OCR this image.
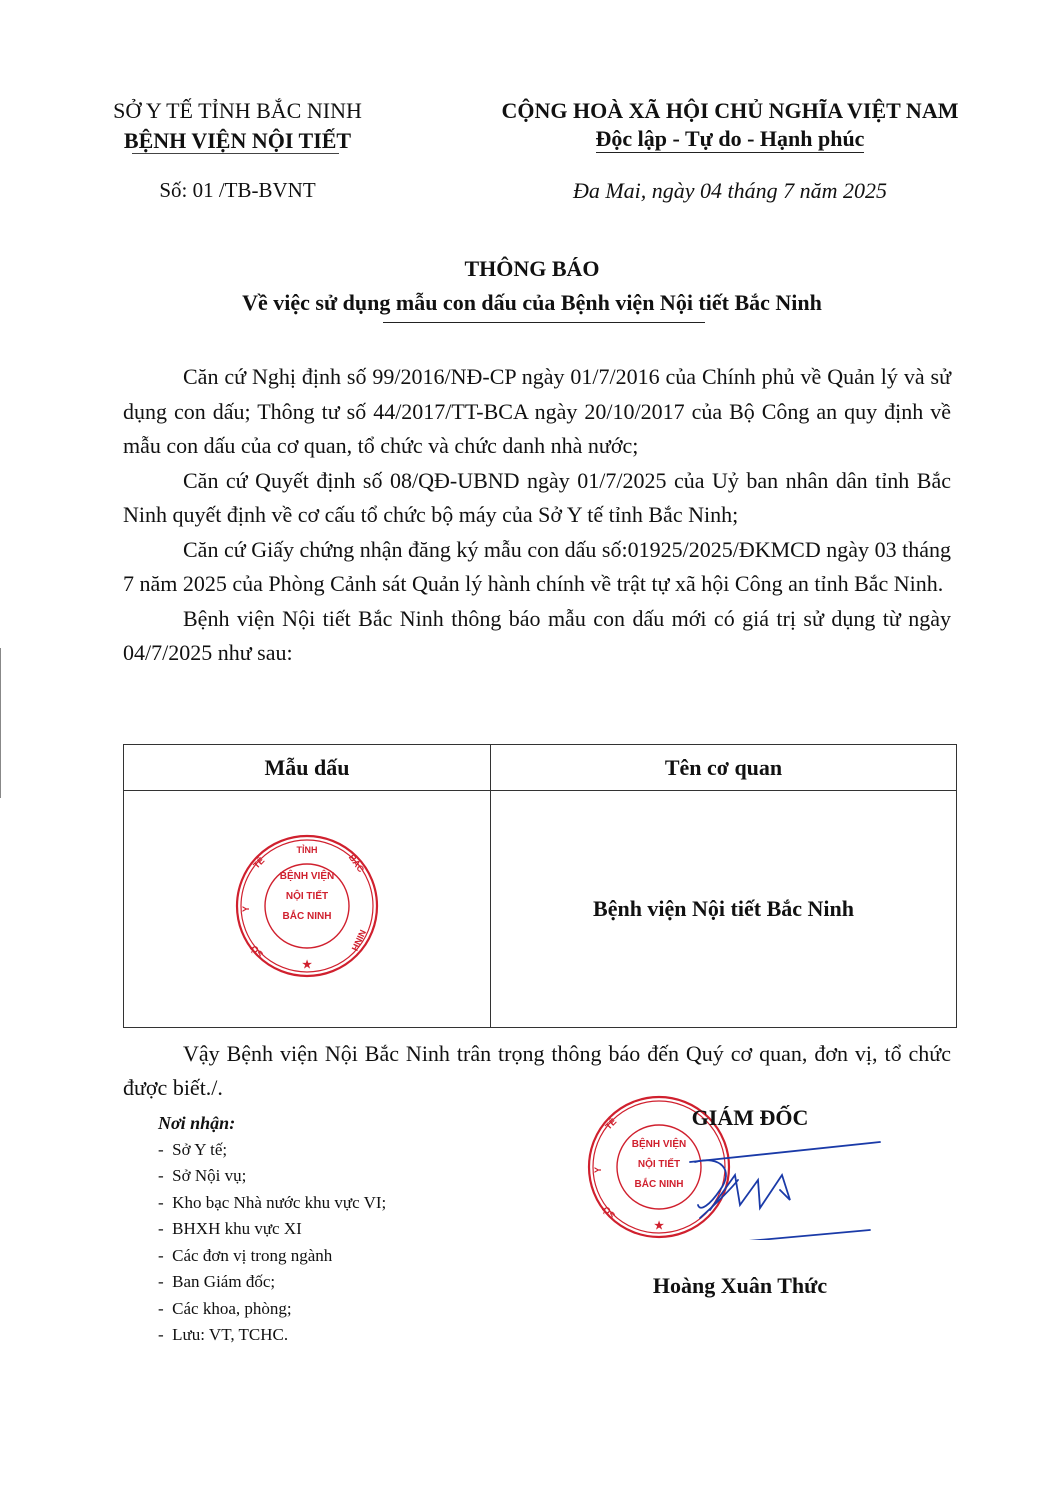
SỞ Y TẾ TỈNH BẮC NINH
BỆNH VIỆN NỘI TIẾT
CỘNG HOÀ XÃ HỘI CHỦ NGHĨA VIỆT NAM
Độc lập - Tự do - Hạnh phúc
Số: 01 /TB-BVNT	Đa Mai, ngày 04 tháng 7 năm 2025
THÔNG BÁO
Về việc sử dụng mẫu con dấu của Bệnh viện Nội tiết Bắc Ninh

Căn cứ Nghị định số 99/2016/NĐ-CP ngày 01/7/2016 của Chính phủ về Quản lý và sử dụng con dấu; Thông tư số 44/2017/TT-BCA ngày 20/10/2017 của Bộ Công an quy định về mẫu con dấu của cơ quan, tổ chức và chức danh nhà nước;

Căn cứ Quyết định số 08/QĐ-UBND ngày 01/7/2025 của Uỷ ban nhân dân tỉnh Bắc Ninh quyết định về cơ cấu tổ chức bộ máy của Sở Y tế tỉnh Bắc Ninh;

Căn cứ Giấy chứng nhận đăng ký mẫu con dấu số:01925/2025/ĐKMCD ngày 03 tháng 7 năm 2025 của Phòng Cảnh sát Quản lý hành chính về trật tự xã hội Công an tỉnh Bắc Ninh.

Bệnh viện Nội tiết Bắc Ninh thông báo mẫu con dấu mới có giá trị sử dụng từ ngày 04/7/2025 như sau:

Mẫu dấu	Tên cơ quan

BỆNH VIỆN
NỘI TIẾT
BẮC NINH
TỈNH
TẾ
Y
SỞ
BẮC
NINH
★
	Bệnh viện Nội tiết Bắc Ninh

Vậy Bệnh viện Nội Bắc Ninh trân trọng thông báo đến Quý cơ quan, đơn vị, tổ chức được biết./.

Nơi nhận:
- Sở Y tế;
- Sở Nội vụ;
- Kho bạc Nhà nước khu vực VI;
- BHXH khu vực XI
- Các đơn vị trong ngành
- Ban Giám đốc;
- Các khoa, phòng;
- Lưu: VT, TCHC.
BỆNH VIỆN
NỘI TIẾT
BẮC NINH
TẾ
Y
SỞ
★
GIÁM ĐỐC
Hoàng Xuân Thức
